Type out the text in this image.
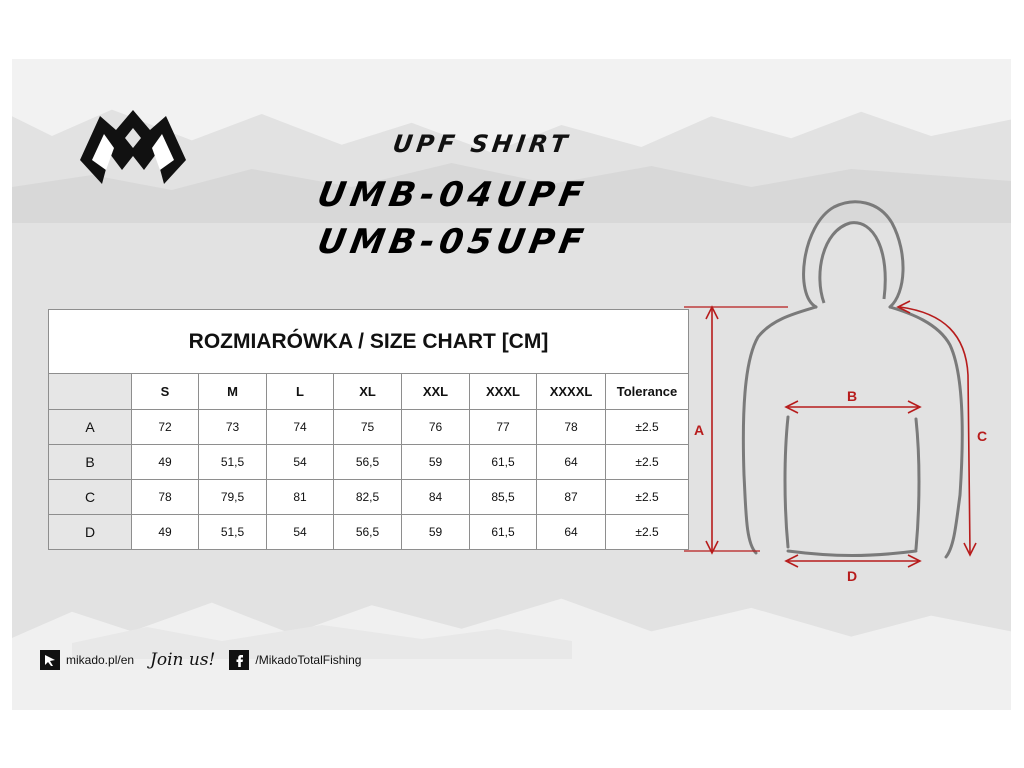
UPF SHIRT
UMB-04UPF
UMB-05UPF
ROZMIARÓWKA / SIZE CHART [CM]								
	S	M	L	XL	XXL	XXXL	XXXXL	Tolerance
A	72	73	74	75	76	77	78	±2.5
B	49	51,5	54	56,5	59	61,5	64	±2.5
C	78	79,5	81	82,5	84	85,5	87	±2.5
D	49	51,5	54	56,5	59	61,5	64	±2.5
A
B
C
D
mikado.pl/en Join us!	/MikadoTotalFishing
